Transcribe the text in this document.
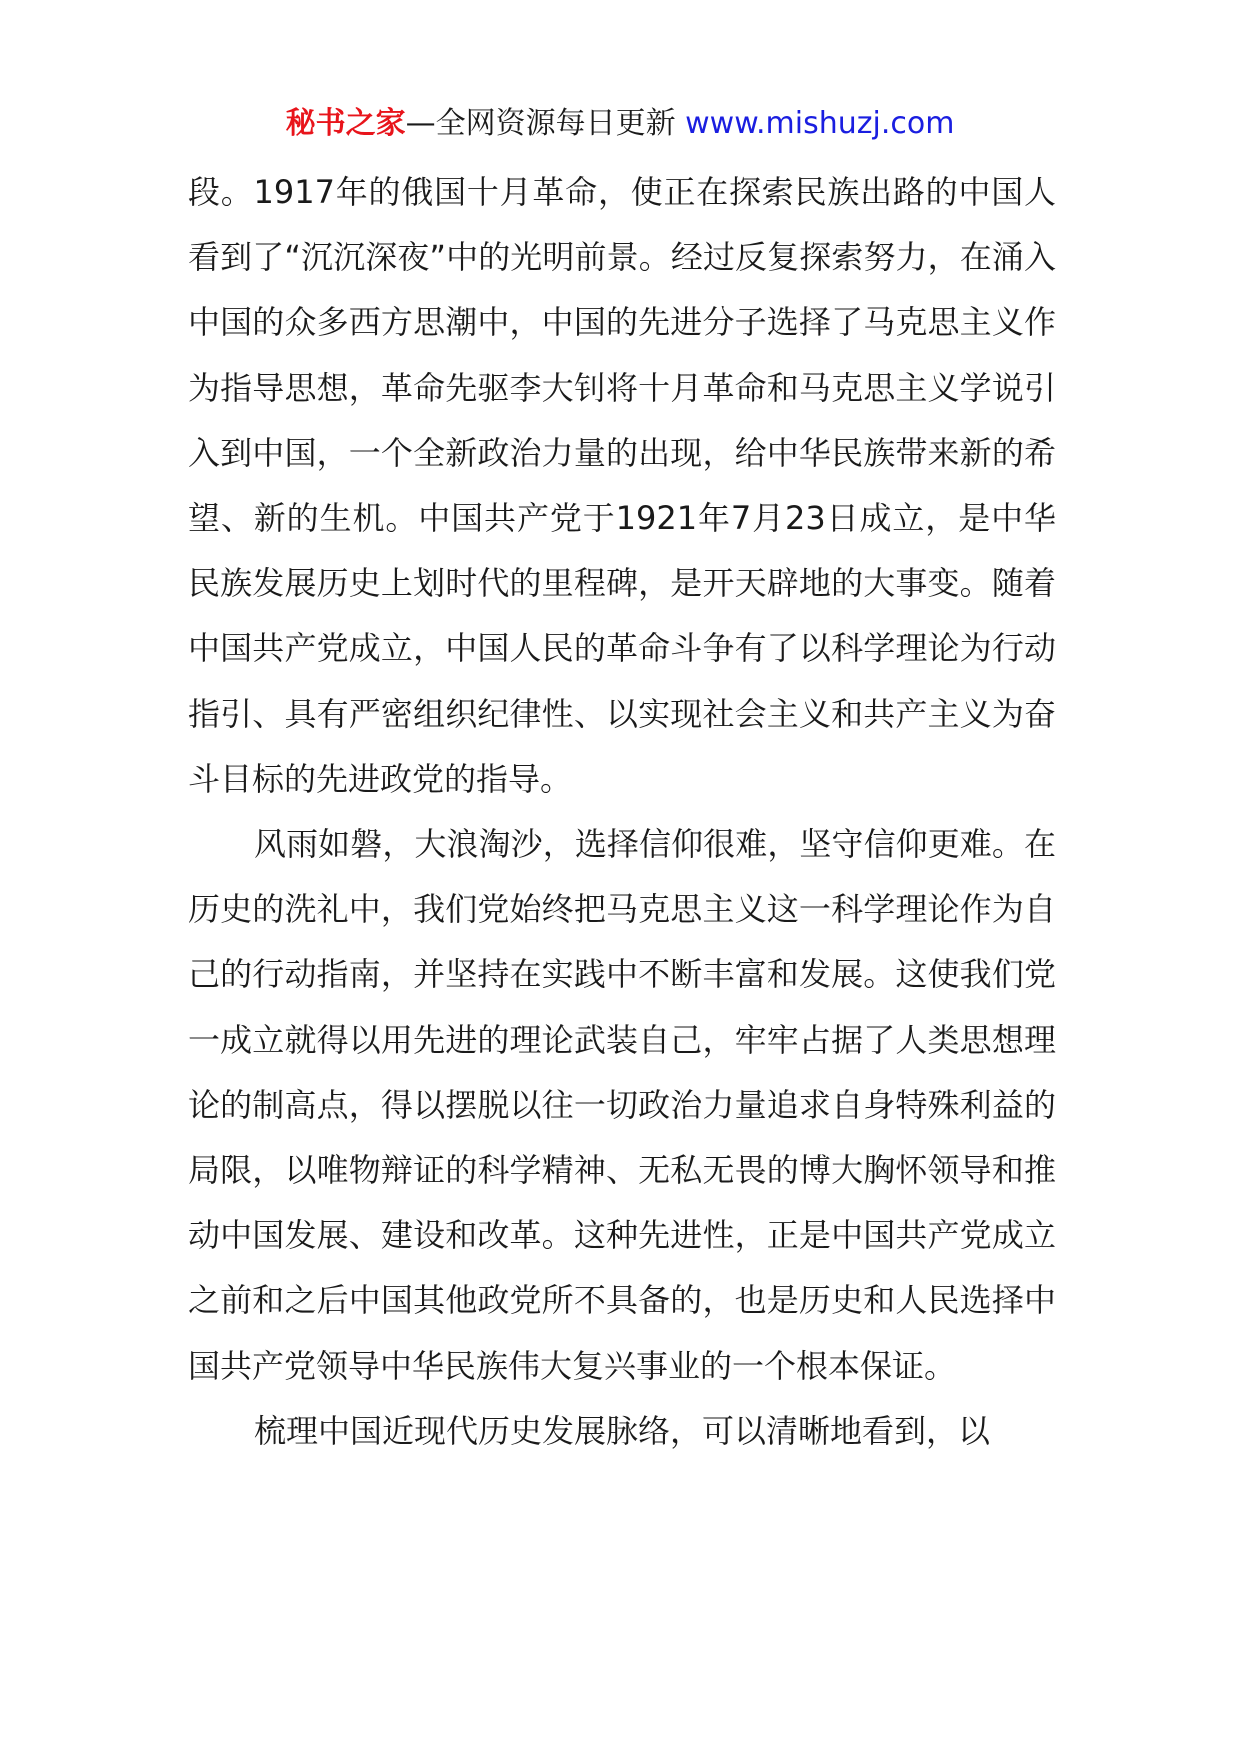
秘书之家—全网资源每日更新 www.mishuzj.com

段。1917年的俄国十月革命，使正在探索民族出路的中国人看到了“沉沉深夜”中的光明前景。经过反复探索努力，在涌入中国的众多西方思潮中，中国的先进分子选择了马克思主义作为指导思想，革命先驱李大钊将十月革命和马克思主义学说引入到中国，一个全新政治力量的出现，给中华民族带来新的希望、新的生机。中国共产党于1921年7月23日成立，是中华民族发展历史上划时代的里程碑，是开天辟地的大事变。随着中国共产党成立，中国人民的革命斗争有了以科学理论为行动指引、具有严密组织纪律性、以实现社会主义和共产主义为奋斗目标的先进政党的指导。

风雨如磐，大浪淘沙，选择信仰很难，坚守信仰更难。在历史的洗礼中，我们党始终把马克思主义这一科学理论作为自己的行动指南，并坚持在实践中不断丰富和发展。这使我们党一成立就得以用先进的理论武装自己，牢牢占据了人类思想理论的制高点，得以摆脱以往一切政治力量追求自身特殊利益的局限，以唯物辩证的科学精神、无私无畏的博大胸怀领导和推动中国发展、建设和改革。这种先进性，正是中国共产党成立之前和之后中国其他政党所不具备的，也是历史和人民选择中国共产党领导中华民族伟大复兴事业的一个根本保证。

梳理中国近现代历史发展脉络，可以清晰地看到，以
